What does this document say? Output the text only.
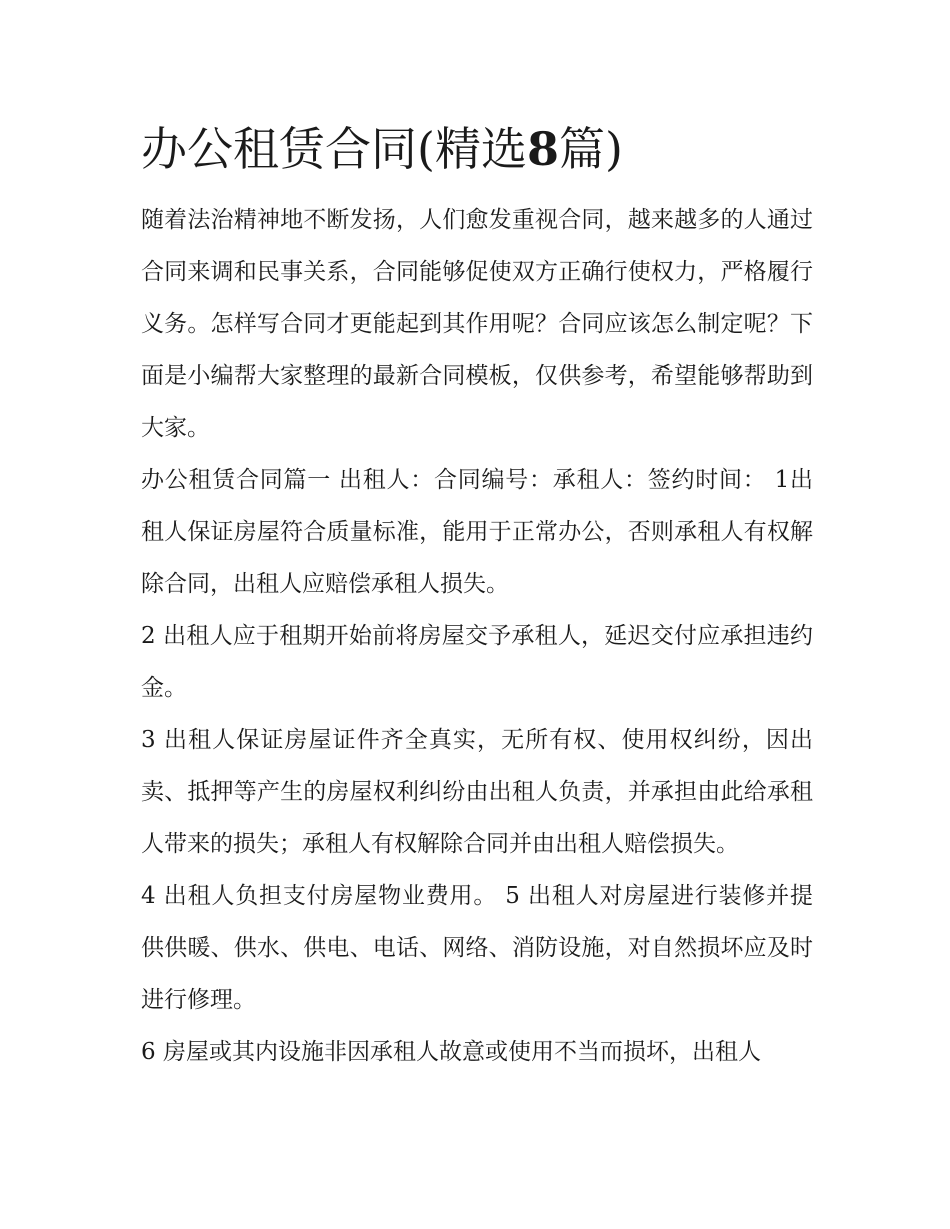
办公租赁合同(精选8篇)

随着法治精神地不断发扬，人们愈发重视合同，越来越多的人通过合同来调和民事关系，合同能够促使双方正确行使权力，严格履行义务。怎样写合同才更能起到其作用呢？合同应该怎么制定呢？下面是小编帮大家整理的最新合同模板，仅供参考，希望能够帮助到大家。

办公租赁合同篇一 出租人：合同编号：承租人：签约时间： 1出租人保证房屋符合质量标准，能用于正常办公，否则承租人有权解除合同，出租人应赔偿承租人损失。

2 出租人应于租期开始前将房屋交予承租人，延迟交付应承担违约金。

3 出租人保证房屋证件齐全真实，无所有权、使用权纠纷，因出卖、抵押等产生的房屋权利纠纷由出租人负责，并承担由此给承租人带来的损失；承租人有权解除合同并由出租人赔偿损失。

4 出租人负担支付房屋物业费用。 5 出租人对房屋进行装修并提供供暖、供水、供电、电话、网络、消防设施，对自然损坏应及时进行修理。

6 房屋或其内设施非因承租人故意或使用不当而损坏，出租人
